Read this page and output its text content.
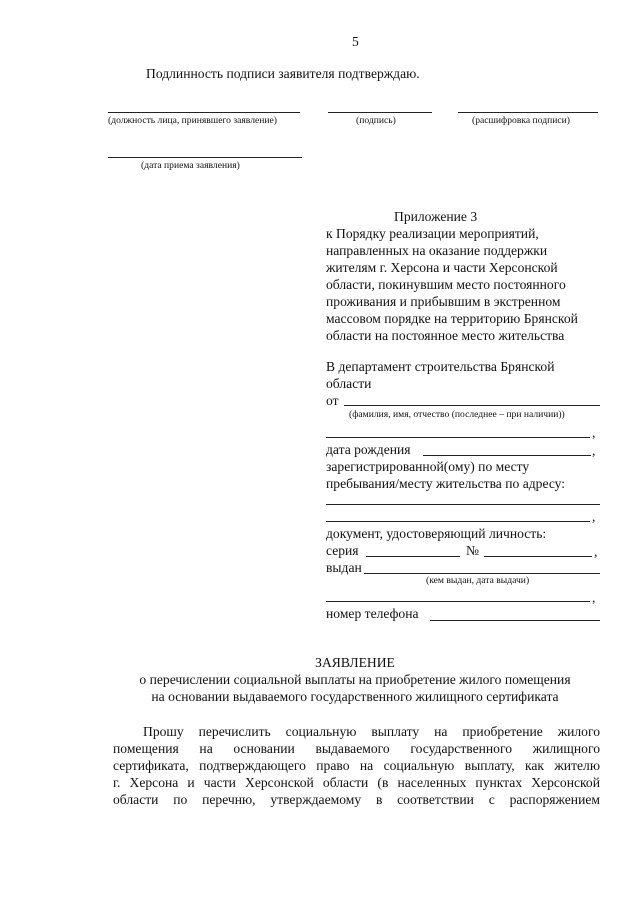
5
Подлинность подписи заявителя подтверждаю.
(должность лица, принявшего заявление)	(подпись)	(расшифровка подписи)
(дата приема заявления)
Приложение 3
к Порядку реализации мероприятий,
направленных на оказание поддержки
жителям г. Херсона и части Херсонской
области, покинувшим место постоянного
проживания и прибывшим в экстренном
массовом порядке на территорию Брянской
области на постоянное место жительства
В департамент строительства Брянской
области
от
(фамилия, имя, отчество (последнее – при наличии))
,
дата рождения	,
зарегистрированной(ому) по месту
пребывания/месту жительства по адресу:
,
документ, удостоверяющий личность:
серия	№	,
выдан
(кем выдан, дата выдачи)
,
номер телефона
ЗАЯВЛЕНИЕ
о перечислении социальной выплаты на приобретение жилого помещения
на основании выдаваемого государственного жилищного сертификата
Прошу перечислить социальную выплату на приобретение жилого
помещения на основании выдаваемого государственного жилищного
сертификата, подтверждающего право на социальную выплату, как жителю
г. Херсона и части Херсонской области (в населенных пунктах Херсонской
области по перечню, утверждаемому в соответствии с распоряжением
